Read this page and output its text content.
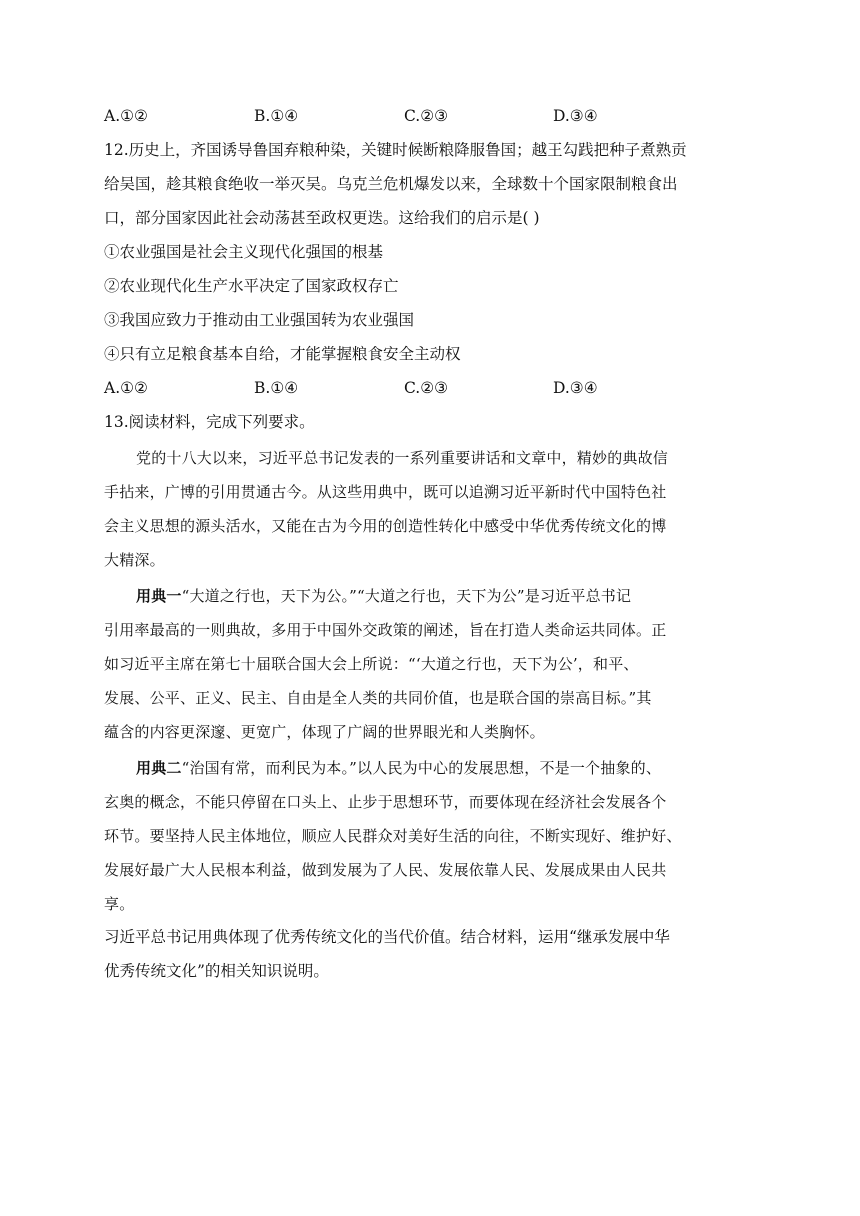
A.①②	B.①④	C.②③	D.③④
12.历史上，齐国诱导鲁国弃粮种染，关键时候断粮降服鲁国；越王勾践把种子煮熟贡
给吴国，趁其粮食绝收一举灭吴。乌克兰危机爆发以来，全球数十个国家限制粮食出
口，部分国家因此社会动荡甚至政权更迭。这给我们的启示是( )
①农业强国是社会主义现代化强国的根基
②农业现代化生产水平决定了国家政权存亡
③我国应致力于推动由工业强国转为农业强国
④只有立足粮食基本自给，才能掌握粮食安全主动权
A.①②	B.①④	C.②③	D.③④
13.阅读材料，完成下列要求。
党的十八大以来，习近平总书记发表的一系列重要讲话和文章中，精妙的典故信
手拈来，广博的引用贯通古今。从这些用典中，既可以追溯习近平新时代中国特色社
会主义思想的源头活水，又能在古为今用的创造性转化中感受中华优秀传统文化的博
大精深。
用典一“大道之行也，天下为公。”“大道之行也，天下为公”是习近平总书记
引用率最高的一则典故，多用于中国外交政策的阐述，旨在打造人类命运共同体。正
如习近平主席在第七十届联合国大会上所说：“‘大道之行也，天下为公’，和平、
发展、公平、正义、民主、自由是全人类的共同价值，也是联合国的崇高目标。”其
蕴含的内容更深邃、更宽广，体现了广阔的世界眼光和人类胸怀。
用典二“治国有常，而利民为本。”以人民为中心的发展思想，不是一个抽象的、
玄奥的概念，不能只停留在口头上、止步于思想环节，而要体现在经济社会发展各个
环节。要坚持人民主体地位，顺应人民群众对美好生活的向往，不断实现好、维护好、
发展好最广大人民根本利益，做到发展为了人民、发展依靠人民、发展成果由人民共
享。
习近平总书记用典体现了优秀传统文化的当代价值。结合材料，运用“继承发展中华
优秀传统文化”的相关知识说明。
